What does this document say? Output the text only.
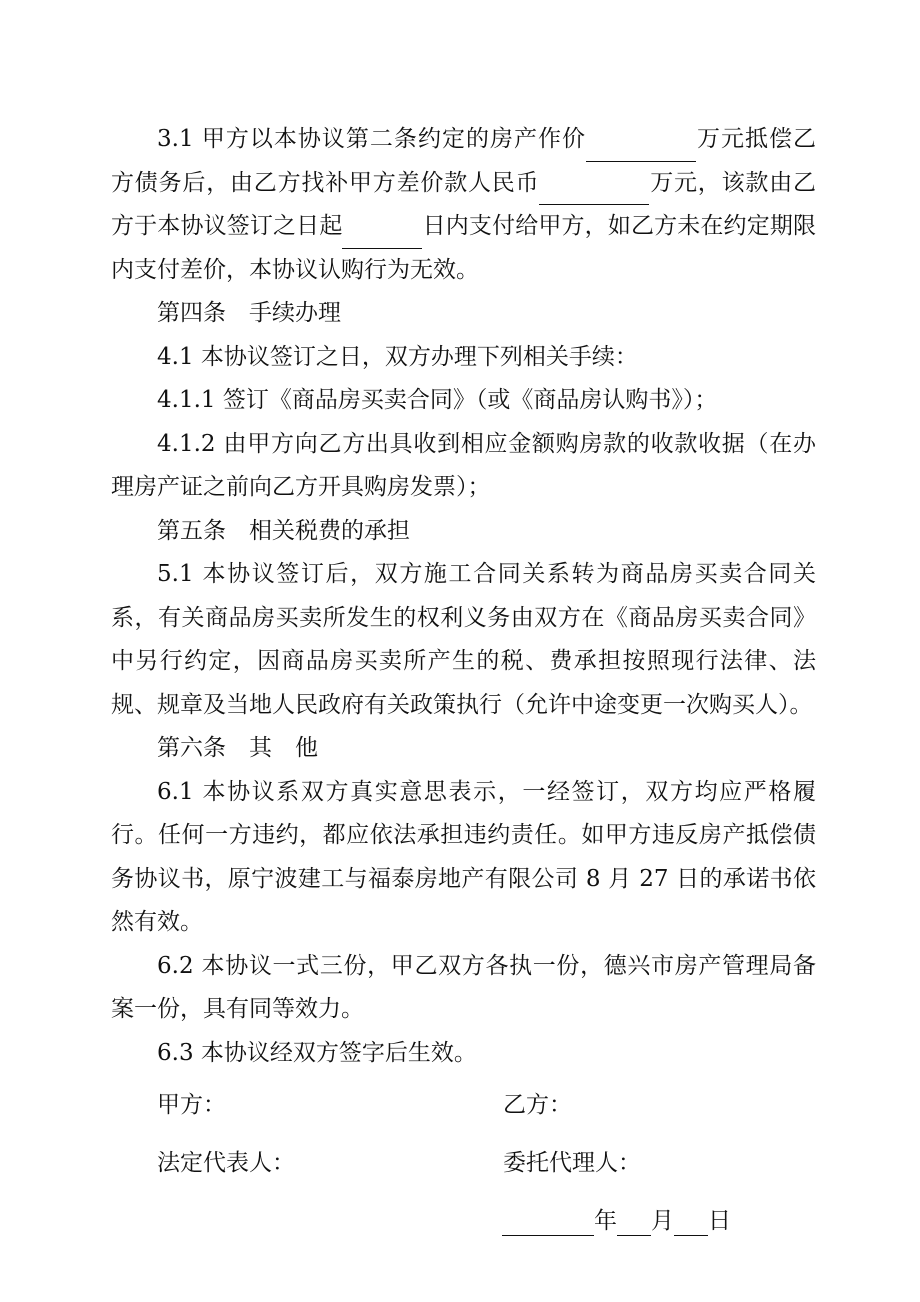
3.1 甲方以本协议第二条约定的房产作价	万元抵偿乙方债务后，由乙方找补甲方差价款人民币	万元，该款由乙方于本协议签订之日起	日内支付给甲方，如乙方未在约定期限内支付差价，本协议认购行为无效。

第四条　手续办理

4.1 本协议签订之日，双方办理下列相关手续：

4.1.1 签订《商品房买卖合同》（或《商品房认购书》）；

4.1.2 由甲方向乙方出具收到相应金额购房款的收款收据（在办理房产证之前向乙方开具购房发票）；

第五条　相关税费的承担

5.1 本协议签订后，双方施工合同关系转为商品房买卖合同关系，有关商品房买卖所发生的权利义务由双方在《商品房买卖合同》中另行约定，因商品房买卖所产生的税、费承担按照现行法律、法规、规章及当地人民政府有关政策执行（允许中途变更一次购买人）。

第六条　其　他

6.1 本协议系双方真实意思表示，一经签订，双方均应严格履行。任何一方违约，都应依法承担违约责任。如甲方违反房产抵偿债务协议书，原宁波建工与福泰房地产有限公司 8 月 27 日的承诺书依然有效。

6.2 本协议一式三份，甲乙双方各执一份，德兴市房产管理局备案一份，具有同等效力。

6.3 本协议经双方签字后生效。

甲方：	乙方：
法定代表人：	委托代理人：
年 月 日
